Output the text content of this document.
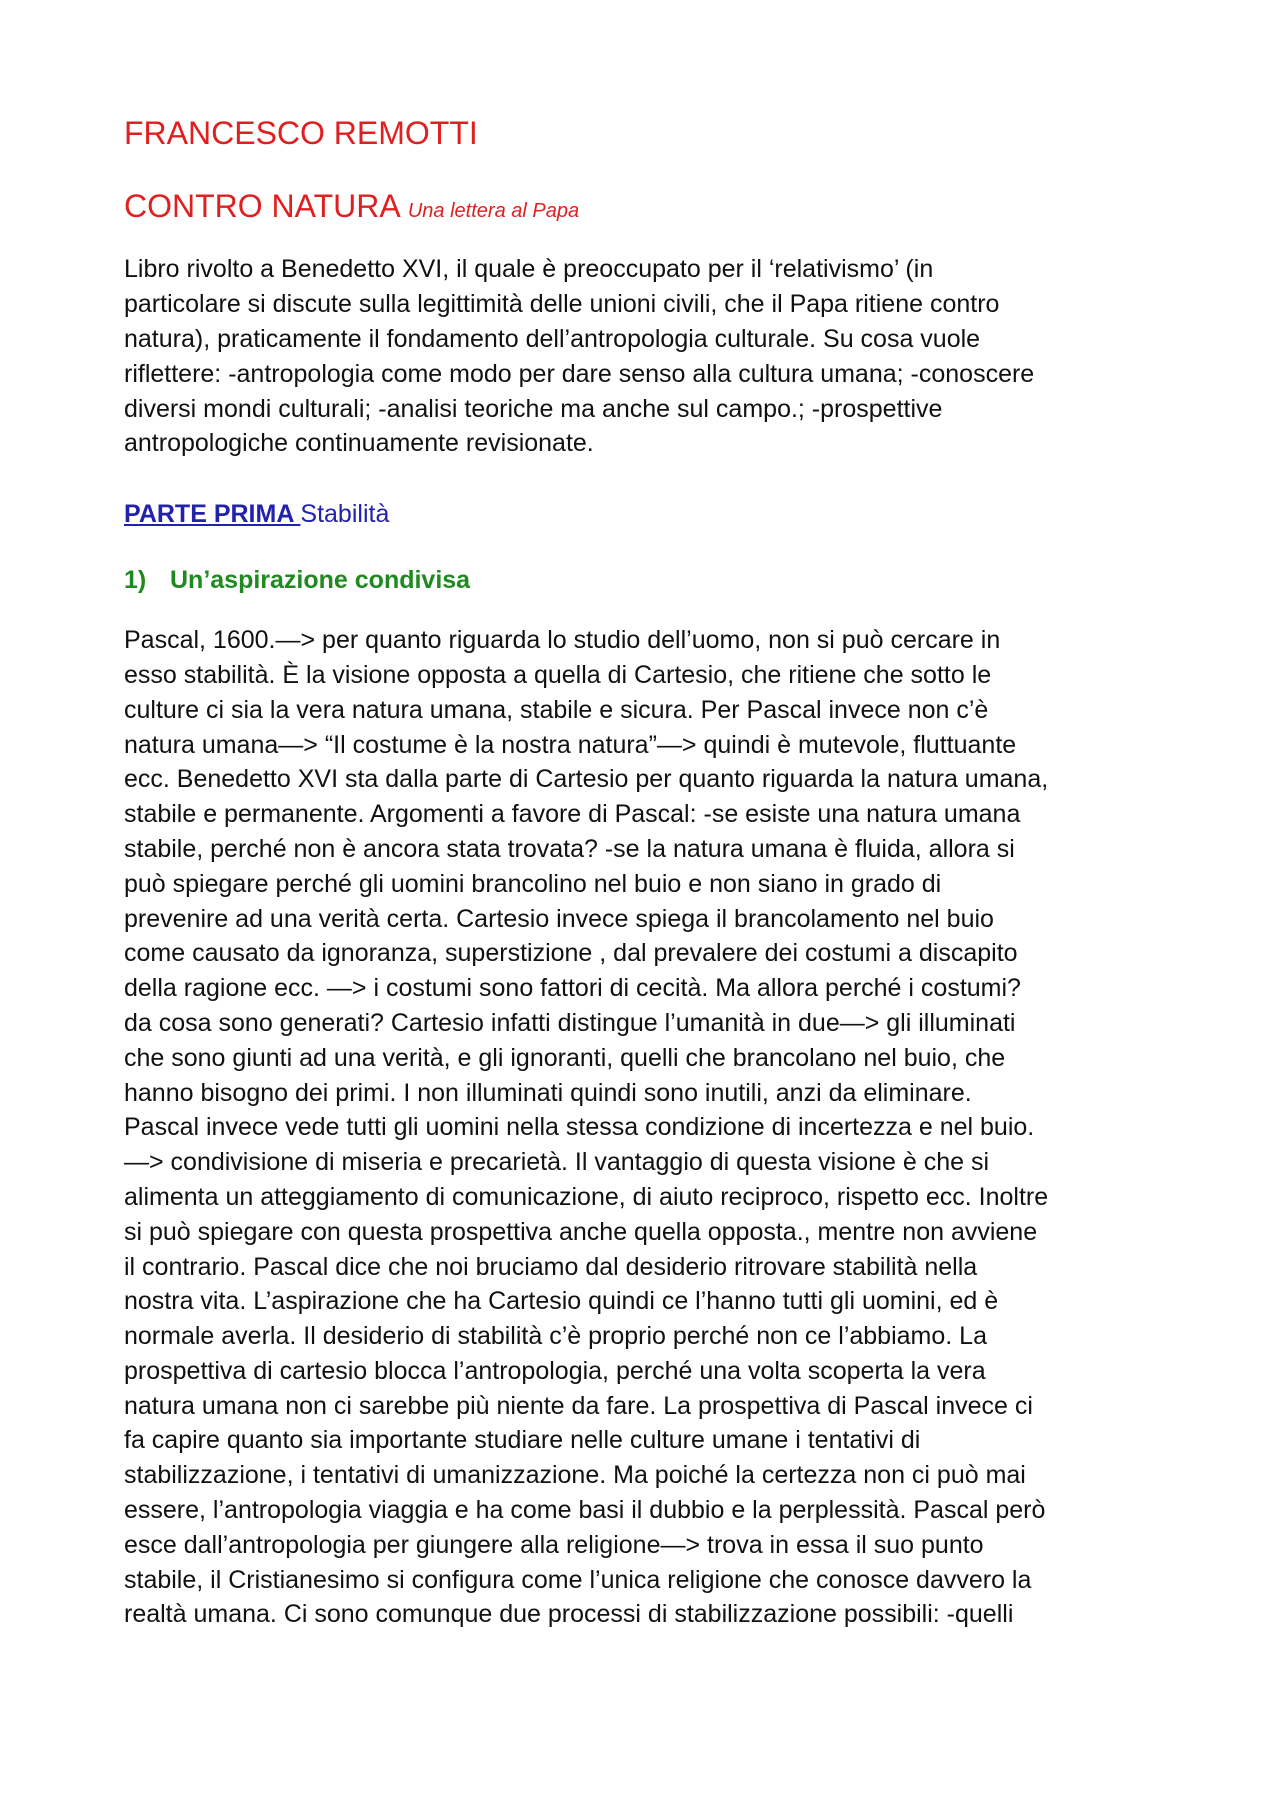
FRANCESCO REMOTTI
CONTRO NATURA Una lettera al Papa

Libro rivolto a Benedetto XVI, il quale è preoccupato per il ‘relativismo’ (in
particolare si discute sulla legittimità delle unioni civili, che il Papa ritiene contro
natura), praticamente il fondamento dell’antropologia culturale. Su cosa vuole
riflettere: -antropologia come modo per dare senso alla cultura umana; -conoscere
diversi mondi culturali; -analisi teoriche ma anche sul campo.; -prospettive
antropologiche continuamente revisionate.

PARTE PRIMA Stabilità
1) Un’aspirazione condivisa

Pascal, 1600.—> per quanto riguarda lo studio dell’uomo, non si può cercare in
esso stabilità. È la visione opposta a quella di Cartesio, che ritiene che sotto le
culture ci sia la vera natura umana, stabile e sicura. Per Pascal invece non c’è
natura umana—> “Il costume è la nostra natura”—> quindi è mutevole, fluttuante
ecc. Benedetto XVI sta dalla parte di Cartesio per quanto riguarda la natura umana,
stabile e permanente. Argomenti a favore di Pascal: -se esiste una natura umana
stabile, perché non è ancora stata trovata? -se la natura umana è fluida, allora si
può spiegare perché gli uomini brancolino nel buio e non siano in grado di
prevenire ad una verità certa. Cartesio invece spiega il brancolamento nel buio
come causato da ignoranza, superstizione , dal prevalere dei costumi a discapito
della ragione ecc. —> i costumi sono fattori di cecità. Ma allora perché i costumi?
da cosa sono generati? Cartesio infatti distingue l’umanità in due—> gli illuminati
che sono giunti ad una verità, e gli ignoranti, quelli che brancolano nel buio, che
hanno bisogno dei primi. I non illuminati quindi sono inutili, anzi da eliminare.
Pascal invece vede tutti gli uomini nella stessa condizione di incertezza e nel buio.
—> condivisione di miseria e precarietà. Il vantaggio di questa visione è che si
alimenta un atteggiamento di comunicazione, di aiuto reciproco, rispetto ecc. Inoltre
si può spiegare con questa prospettiva anche quella opposta., mentre non avviene
il contrario. Pascal dice che noi bruciamo dal desiderio ritrovare stabilità nella
nostra vita. L’aspirazione che ha Cartesio quindi ce l’hanno tutti gli uomini, ed è
normale averla. Il desiderio di stabilità c’è proprio perché non ce l’abbiamo. La
prospettiva di cartesio blocca l’antropologia, perché una volta scoperta la vera
natura umana non ci sarebbe più niente da fare. La prospettiva di Pascal invece ci
fa capire quanto sia importante studiare nelle culture umane i tentativi di
stabilizzazione, i tentativi di umanizzazione. Ma poiché la certezza non ci può mai
essere, l’antropologia viaggia e ha come basi il dubbio e la perplessità. Pascal però
esce dall’antropologia per giungere alla religione—> trova in essa il suo punto
stabile, il Cristianesimo si configura come l’unica religione che conosce davvero la
realtà umana. Ci sono comunque due processi di stabilizzazione possibili: -quelli
